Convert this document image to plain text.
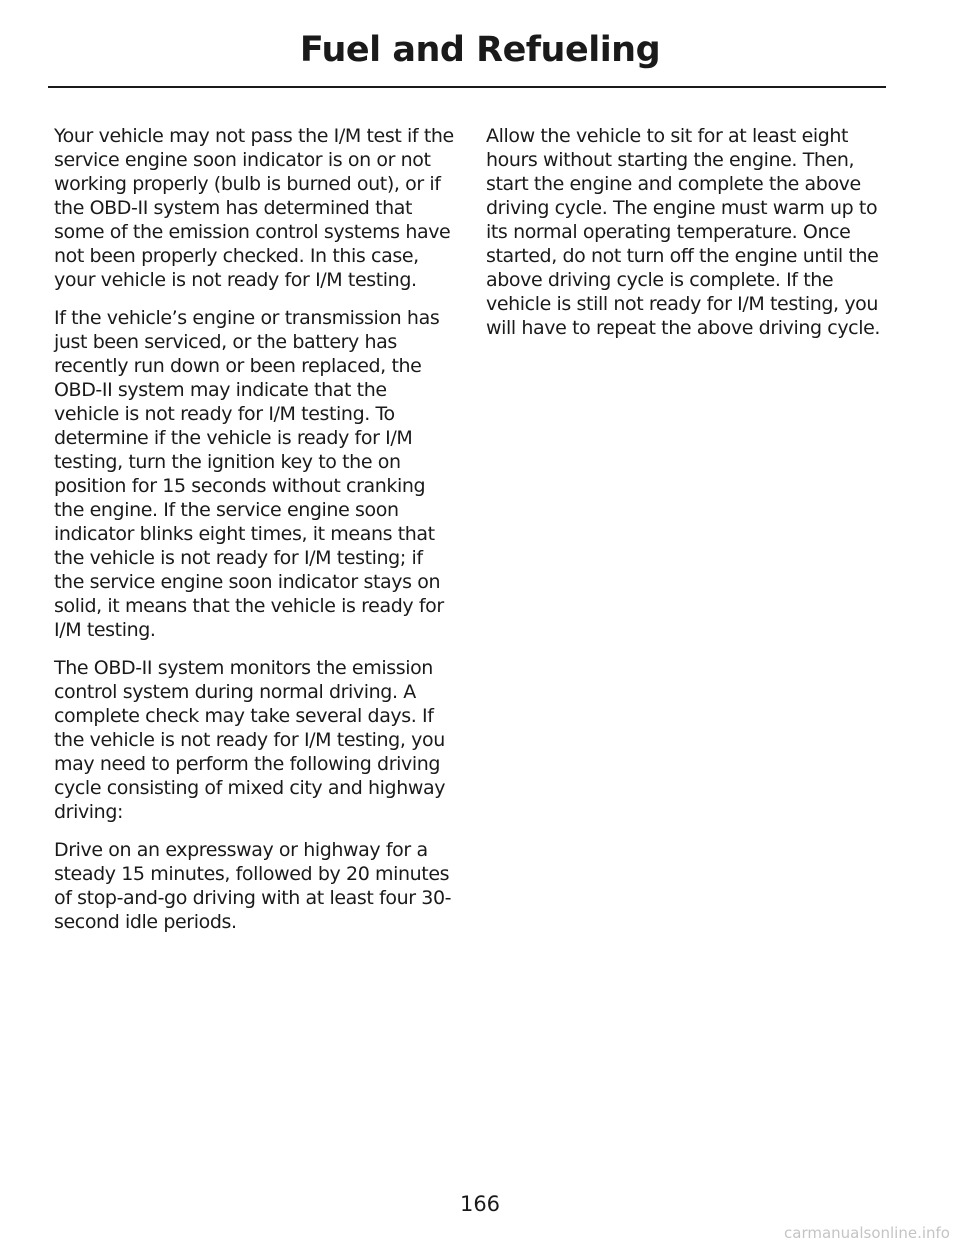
Fuel and Refueling

Your vehicle may not pass the I/M test if the service engine soon indicator is on or not working properly (bulb is burned out), or if the OBD-II system has determined that some of the emission control systems have not been properly checked. In this case, your vehicle is not ready for I/M testing.

If the vehicle’s engine or transmission has just been serviced, or the battery has recently run down or been replaced, the OBD-II system may indicate that the vehicle is not ready for I/M testing. To determine if the vehicle is ready for I/M testing, turn the ignition key to the on position for 15 seconds without cranking the engine. If the service engine soon indicator blinks eight times, it means that the vehicle is not ready for I/M testing; if the service engine soon indicator stays on solid, it means that the vehicle is ready for I/M testing.

The OBD-II system monitors the emission control system during normal driving. A complete check may take several days. If the vehicle is not ready for I/M testing, you may need to perform the following driving cycle consisting of mixed city and highway driving:

Drive on an expressway or highway for a steady 15 minutes, followed by 20 minutes of stop-and-go driving with at least four 30-second idle periods.

Allow the vehicle to sit for at least eight hours without starting the engine. Then, start the engine and complete the above driving cycle. The engine must warm up to its normal operating temperature. Once started, do not turn off the engine until the above driving cycle is complete. If the vehicle is still not ready for I/M testing, you will have to repeat the above driving cycle.

166
carmanualsonline.info
